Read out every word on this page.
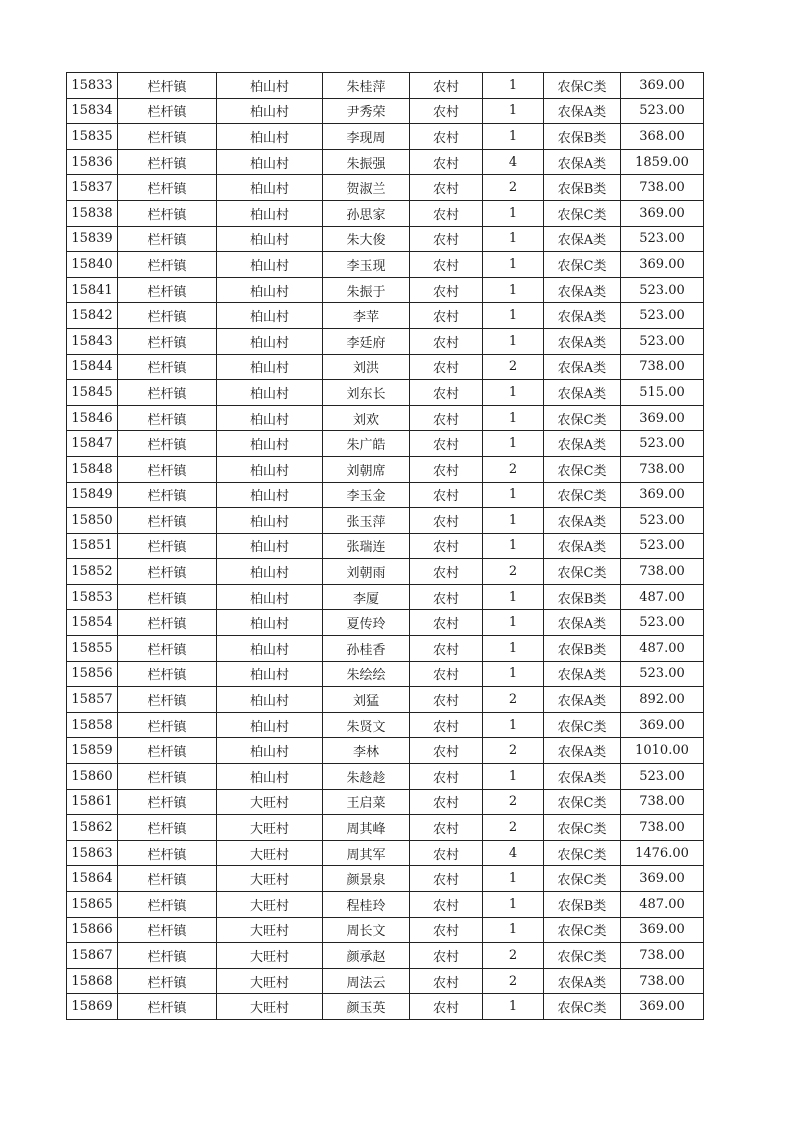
15833	栏杆镇	柏山村	朱桂萍	农村	1	农保C类	369.00
15834	栏杆镇	柏山村	尹秀荣	农村	1	农保A类	523.00
15835	栏杆镇	柏山村	李现周	农村	1	农保B类	368.00
15836	栏杆镇	柏山村	朱振强	农村	4	农保A类	1859.00
15837	栏杆镇	柏山村	贺淑兰	农村	2	农保B类	738.00
15838	栏杆镇	柏山村	孙思家	农村	1	农保C类	369.00
15839	栏杆镇	柏山村	朱大俊	农村	1	农保A类	523.00
15840	栏杆镇	柏山村	李玉现	农村	1	农保C类	369.00
15841	栏杆镇	柏山村	朱振于	农村	1	农保A类	523.00
15842	栏杆镇	柏山村	李苹	农村	1	农保A类	523.00
15843	栏杆镇	柏山村	李廷府	农村	1	农保A类	523.00
15844	栏杆镇	柏山村	刘洪	农村	2	农保A类	738.00
15845	栏杆镇	柏山村	刘东长	农村	1	农保A类	515.00
15846	栏杆镇	柏山村	刘欢	农村	1	农保C类	369.00
15847	栏杆镇	柏山村	朱广皓	农村	1	农保A类	523.00
15848	栏杆镇	柏山村	刘朝席	农村	2	农保C类	738.00
15849	栏杆镇	柏山村	李玉金	农村	1	农保C类	369.00
15850	栏杆镇	柏山村	张玉萍	农村	1	农保A类	523.00
15851	栏杆镇	柏山村	张瑞连	农村	1	农保A类	523.00
15852	栏杆镇	柏山村	刘朝雨	农村	2	农保C类	738.00
15853	栏杆镇	柏山村	李厦	农村	1	农保B类	487.00
15854	栏杆镇	柏山村	夏传玲	农村	1	农保A类	523.00
15855	栏杆镇	柏山村	孙桂香	农村	1	农保B类	487.00
15856	栏杆镇	柏山村	朱绘绘	农村	1	农保A类	523.00
15857	栏杆镇	柏山村	刘猛	农村	2	农保A类	892.00
15858	栏杆镇	柏山村	朱贤文	农村	1	农保C类	369.00
15859	栏杆镇	柏山村	李林	农村	2	农保A类	1010.00
15860	栏杆镇	柏山村	朱趁趁	农村	1	农保A类	523.00
15861	栏杆镇	大旺村	王启菜	农村	2	农保C类	738.00
15862	栏杆镇	大旺村	周其峰	农村	2	农保C类	738.00
15863	栏杆镇	大旺村	周其军	农村	4	农保C类	1476.00
15864	栏杆镇	大旺村	颜景泉	农村	1	农保C类	369.00
15865	栏杆镇	大旺村	程桂玲	农村	1	农保B类	487.00
15866	栏杆镇	大旺村	周长文	农村	1	农保C类	369.00
15867	栏杆镇	大旺村	颜承赵	农村	2	农保C类	738.00
15868	栏杆镇	大旺村	周法云	农村	2	农保A类	738.00
15869	栏杆镇	大旺村	颜玉英	农村	1	农保C类	369.00
